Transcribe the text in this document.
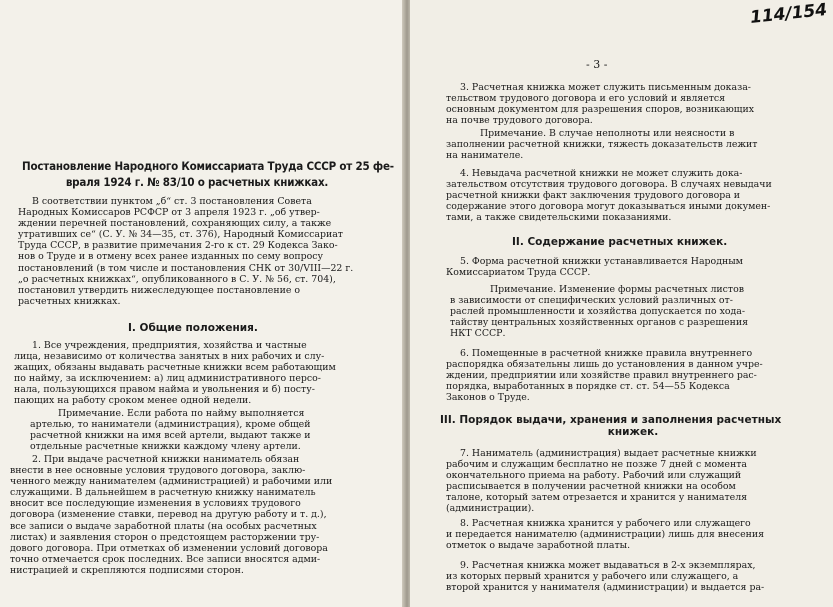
Постановление Народного Комиссариата Труда СССР от 25 фе-
враля 1924 г. № 83/10 о расчетных книжках.
В соответствии пунктом „б“ ст. 3 постановления Совета
Народных Комиссаров РСФСР от 3 апреля 1923 г. „об утвер-
ждении перечней постановлений, сохраняющих силу, а также
утративших се“ (С. У. № 34—35, ст. 376), Народный Комиссариат
Труда СССР, в развитие примечания 2-го к ст. 29 Кодекса Зако-
нов о Труде и в отмену всех ранее изданных по сему вопросу
постановлений (в том числе и постановления СНК от 30/VIII—22 г.
„о расчетных книжках“, опубликованного в С. У. № 56, ст. 704),
постановил утвердить нижеследующее постановление о
расчетных книжках.
I. Общие положения.
1. Все учреждения, предприятия, хозяйства и частные
лица, независимо от количества занятых в них рабочих и слу-
жащих, обязаны выдавать расчетные книжки всем работающим
по найму, за исключением: а) лиц административного персо-
нала, пользующихся правом найма и увольнения и б) посту-
пающих на работу сроком менее одной недели.
Примечание. Если работа по найму выполняется
артелью, то наниматели (администрация), кроме общей
расчетной книжки на имя всей артели, выдают также и
отдельные расчетные книжки каждому члену артели.
2. При выдаче расчетной книжки наниматель обязан
внести в нее основные условия трудового договора, заклю-
ченного между нанимателем (администрацией) и рабочими или
служащими. В дальнейшем в расчетную книжку наниматель
вносит все последующие изменения в условиях трудового
договора (изменение ставки, перевод на другую работу и т. д.),
все записи о выдаче заработной платы (на особых расчетных
листах) и заявления сторон о предстоящем расторжении тру-
дового договора. При отметках об изменении условий договора
точно отмечается срок последних. Все записи вносятся адми-
нистрацией и скрепляются подписями сторон.
- 3 -
114/154
3. Расчетная книжка может служить письменным доказа-
тельством трудового договора и его условий и является
основным документом для разрешения споров, возникающих
на почве трудового договора.
Примечание. В случае неполноты или неясности в
заполнении расчетной книжки, тяжесть доказательств лежит
на нанимателе.
4. Невыдача расчетной книжки не может служить дока-
зательством отсутствия трудового договора. В случаях невыдачи
расчетной книжки факт заключения трудового договора и
содержание этого договора могут доказываться иными докумен-
тами, а также свидетельскими показаниями.
II. Содержание расчетных книжек.
5. Форма расчетной книжки устанавливается Народным
Комиссариатом Труда СССР.
Примечание. Изменение формы расчетных листов
в зависимости от специфических условий различных от-
раслей промышленности и хозяйства допускается по хода-
тайству центральных хозяйственных органов с разрешения
НКТ СССР.
6. Помещенные в расчетной книжке правила внутреннего
распорядка обязательны лишь до установления в данном учре-
ждении, предприятии или хозяйстве правил внутреннего рас-
порядка, выработанных в порядке ст. ст. 54—55 Кодекса
Законов о Труде.
III. Порядок выдачи, хранения и заполнения расчетных
книжек.
7. Наниматель (администрация) выдает расчетные книжки
рабочим и служащим бесплатно не позже 7 дней с момента
окончательного приема на работу. Рабочий или служащий
расписывается в получении расчетной книжки на особом
талоне, который затем отрезается и хранится у нанимателя
(администрации).
8. Расчетная книжка хранится у рабочего или служащего
и передается нанимателю (администрации) лишь для внесения
отметок о выдаче заработной платы.
9. Расчетная книжка может выдаваться в 2-х экземплярах,
из которых первый хранится у рабочего или служащего, а
второй хранится у нанимателя (администрации) и выдается ра-
